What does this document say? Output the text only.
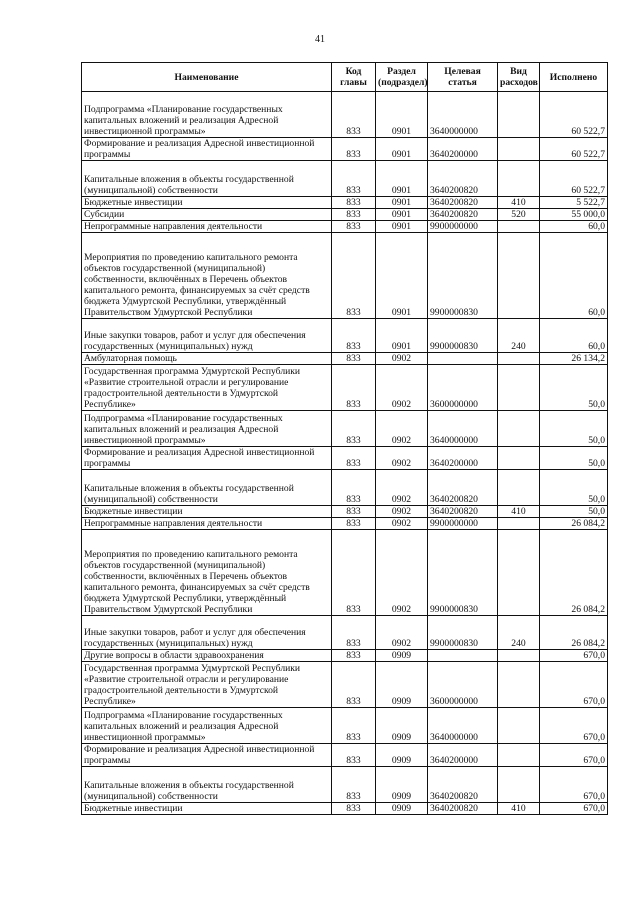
41
Наименование	Код главы	Раздел (подраздел)	Целевая статья	Вид расходов	Исполнено
Подпрограмма «Планирование государственных капитальных вложений и реализация Адресной инвестиционной программы»	833	0901	3640000000		60 522,7
Формирование и реализация Адресной инвестиционной программы	833	0901	3640200000		60 522,7
Капитальные вложения в объекты государственной (муниципальной) собственности	833	0901	3640200820		60 522,7
Бюджетные инвестиции	833	0901	3640200820	410	5 522,7
Субсидии	833	0901	3640200820	520	55 000,0
Непрограммные направления деятельности	833	0901	9900000000		60,0
Мероприятия по проведению капитального ремонта объектов государственной (муниципальной) собственности, включённых в Перечень объектов капитального ремонта, финансируемых за счёт средств бюджета Удмуртской Республики, утверждённый Правительством Удмуртской Республики	833	0901	9900000830		60,0
Иные закупки товаров, работ и услуг для обеспечения государственных (муниципальных) нужд	833	0901	9900000830	240	60,0
Амбулаторная помощь	833	0902			26 134,2
Государственная программа Удмуртской Республики «Развитие строительной отрасли и регулирование градостроительной деятельности в Удмуртской Республике»	833	0902	3600000000		50,0
Подпрограмма «Планирование государственных капитальных вложений и реализация Адресной инвестиционной программы»	833	0902	3640000000		50,0
Формирование и реализация Адресной инвестиционной программы	833	0902	3640200000		50,0
Капитальные вложения в объекты государственной (муниципальной) собственности	833	0902	3640200820		50,0
Бюджетные инвестиции	833	0902	3640200820	410	50,0
Непрограммные направления деятельности	833	0902	9900000000		26 084,2
Мероприятия по проведению капитального ремонта объектов государственной (муниципальной) собственности, включённых в Перечень объектов капитального ремонта, финансируемых за счёт средств бюджета Удмуртской Республики, утверждённый Правительством Удмуртской Республики	833	0902	9900000830		26 084,2
Иные закупки товаров, работ и услуг для обеспечения государственных (муниципальных) нужд	833	0902	9900000830	240	26 084,2
Другие вопросы в области здравоохранения	833	0909			670,0
Государственная программа Удмуртской Республики «Развитие строительной отрасли и регулирование градостроительной деятельности в Удмуртской Республике»	833	0909	3600000000		670,0
Подпрограмма «Планирование государственных капитальных вложений и реализация Адресной инвестиционной программы»	833	0909	3640000000		670,0
Формирование и реализация Адресной инвестиционной программы	833	0909	3640200000		670,0
Капитальные вложения в объекты государственной (муниципальной) собственности	833	0909	3640200820		670,0
Бюджетные инвестиции	833	0909	3640200820	410	670,0
